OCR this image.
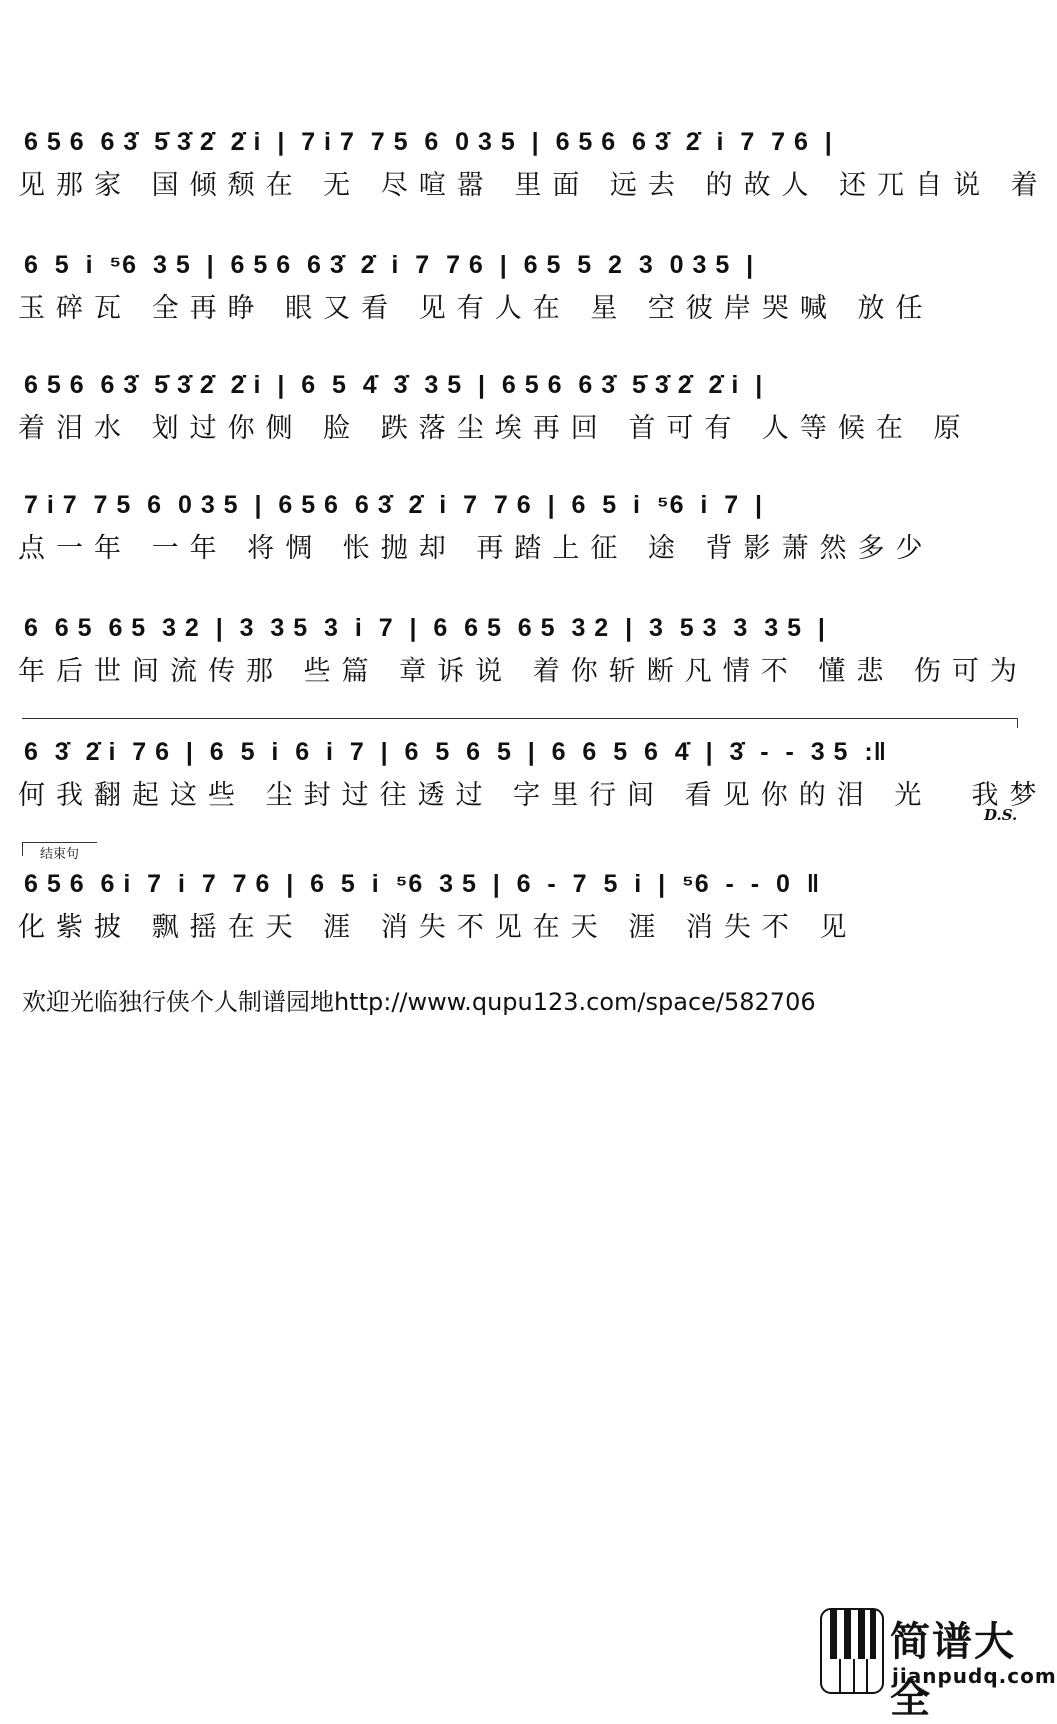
6 5 6  6 3̇  5̇ 3̇ 2̇  2̇ i  |  7 i 7  7 5  6  0 3 5  |  6 5 6  6 3̇  2̇  i  7  7 6  |
见那家 国倾颓在 无 尽喧嚣 里面 远去 的故人 还兀自说 着
6  5  i  ⁵6  3 5  |  6 5 6  6 3̇  2̇  i  7  7 6  |  6 5  5  2  3  0 3 5  |
玉碎瓦 全再睁 眼又看 见有人在 星 空彼岸哭喊 放任
6 5 6  6 3̇  5̇ 3̇ 2̇  2̇ i  |  6  5  4̇  3̇  3 5  |  6 5 6  6 3̇  5̇ 3̇ 2̇  2̇ i  |
着泪水 划过你侧 脸 跌落尘埃再回 首可有 人等候在 原
7 i 7  7 5  6  0 3 5  |  6 5 6  6 3̇  2̇  i  7  7 6  |  6  5  i  ⁵6  i  7  |
点一年 一年 将惆 怅抛却 再踏上征 途 背影萧然多少
6  6 5  6 5  3 2  |  3  3 5  3  i  7  |  6  6 5  6 5  3 2  |  3  5 3  3  3 5  |
年后世间流传那 些篇 章诉说 着你斩断凡情不 懂悲 伤可为
6  3̇  2̇ i  7 6  |  6  5  i  6  i  7  |  6  5  6  5  |  6  6  5  6  4̇  |  3̇  -  -  3 5  :‖
何我翻起这些 尘封过往透过 字里行间 看见你的泪 光  我梦
D.S.
结束句
6 5 6  6 i  7  i  7  7 6  |  6  5  i  ⁵6  3 5  |  6  -  7  5  i  |  ⁵6  -  -  0  ‖
化紫披 飘摇在天 涯 消失不见在天 涯 消失不 见
欢迎光临独行侠个人制谱园地http://www.qupu123.com/space/582706
简谱大全
jianpudq.com
